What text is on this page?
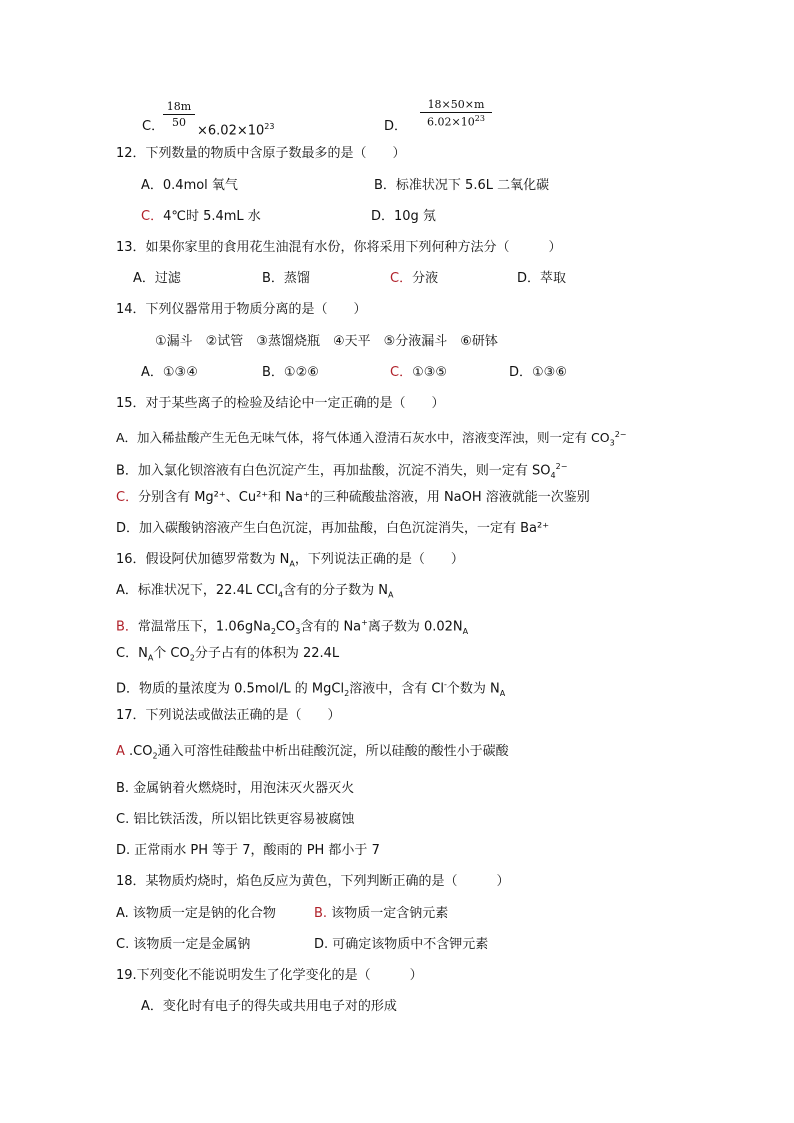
C．
18m
50
$\times 6.02\times 10^{23}$	D．
18×50×m
$6.02\times 10^{23}$
12．下列数量的物质中含原子数最多的是（　　）
A．0.4mol 氧气	B．标准状况下 5.6L 二氧化碳
C．4℃时 5.4mL 水	D．10g 氖
13．如果你家里的食用花生油混有水份，你将采用下列何种方法分（　　　）
A．过滤	B．蒸馏	C．分液	D．萃取
14．下列仪器常用于物质分离的是（　　）
①漏斗　②试管　③蒸馏烧瓶　④天平　⑤分液漏斗　⑥研钵
A．①③④	B．①②⑥	C．①③⑤	D．①③⑥
15．对于某些离子的检验及结论中一定正确的是（　　）
A．加入稀盐酸产生无色无味气体，将气体通入澄清石灰水中，溶液变浑浊，则一定有 $CO_3^{2-}$
B．加入氯化钡溶液有白色沉淀产生，再加盐酸，沉淀不消失，则一定有 $SO_4^{2-}$
C．分别含有 Mg²⁺、Cu²⁺和 Na⁺的三种硫酸盐溶液，用 NaOH 溶液就能一次鉴别
D．加入碳酸钠溶液产生白色沉淀，再加盐酸，白色沉淀消失，一定有 Ba²⁺
16．假设阿伏加德罗常数为 $N_A$，下列说法正确的是（　　）
A．标准状况下，22.4L CCl$_4$含有的分子数为 $N_A$
B．常温常压下，$1.06gNa_2CO_3$含有的 Na+离子数为 $0.02N_A$
C．$N_A$个 $CO_2$分子占有的体积为 22.4L
D．物质的量浓度为 0.5mol/L 的 MgCl$_2$溶液中，含有 Cl-个数为 $N_A$
17．下列说法或做法正确的是（　　）
A $.CO_2$通入可溶性硅酸盐中析出硅酸沉淀，所以硅酸的酸性小于碳酸
B. 金属钠着火燃烧时，用泡沫灭火器灭火
C. 铝比铁活泼，所以铝比铁更容易被腐蚀
D. 正常雨水 PH 等于 7，酸雨的 PH 都小于 7
18．某物质灼烧时，焰色反应为黄色，下列判断正确的是（　　　）
A. 该物质一定是钠的化合物	B. 该物质一定含钠元素
C. 该物质一定是金属钠	D. 可确定该物质中不含钾元素
19.下列变化不能说明发生了化学变化的是（　　　）
A．变化时有电子的得失或共用电子对的形成
